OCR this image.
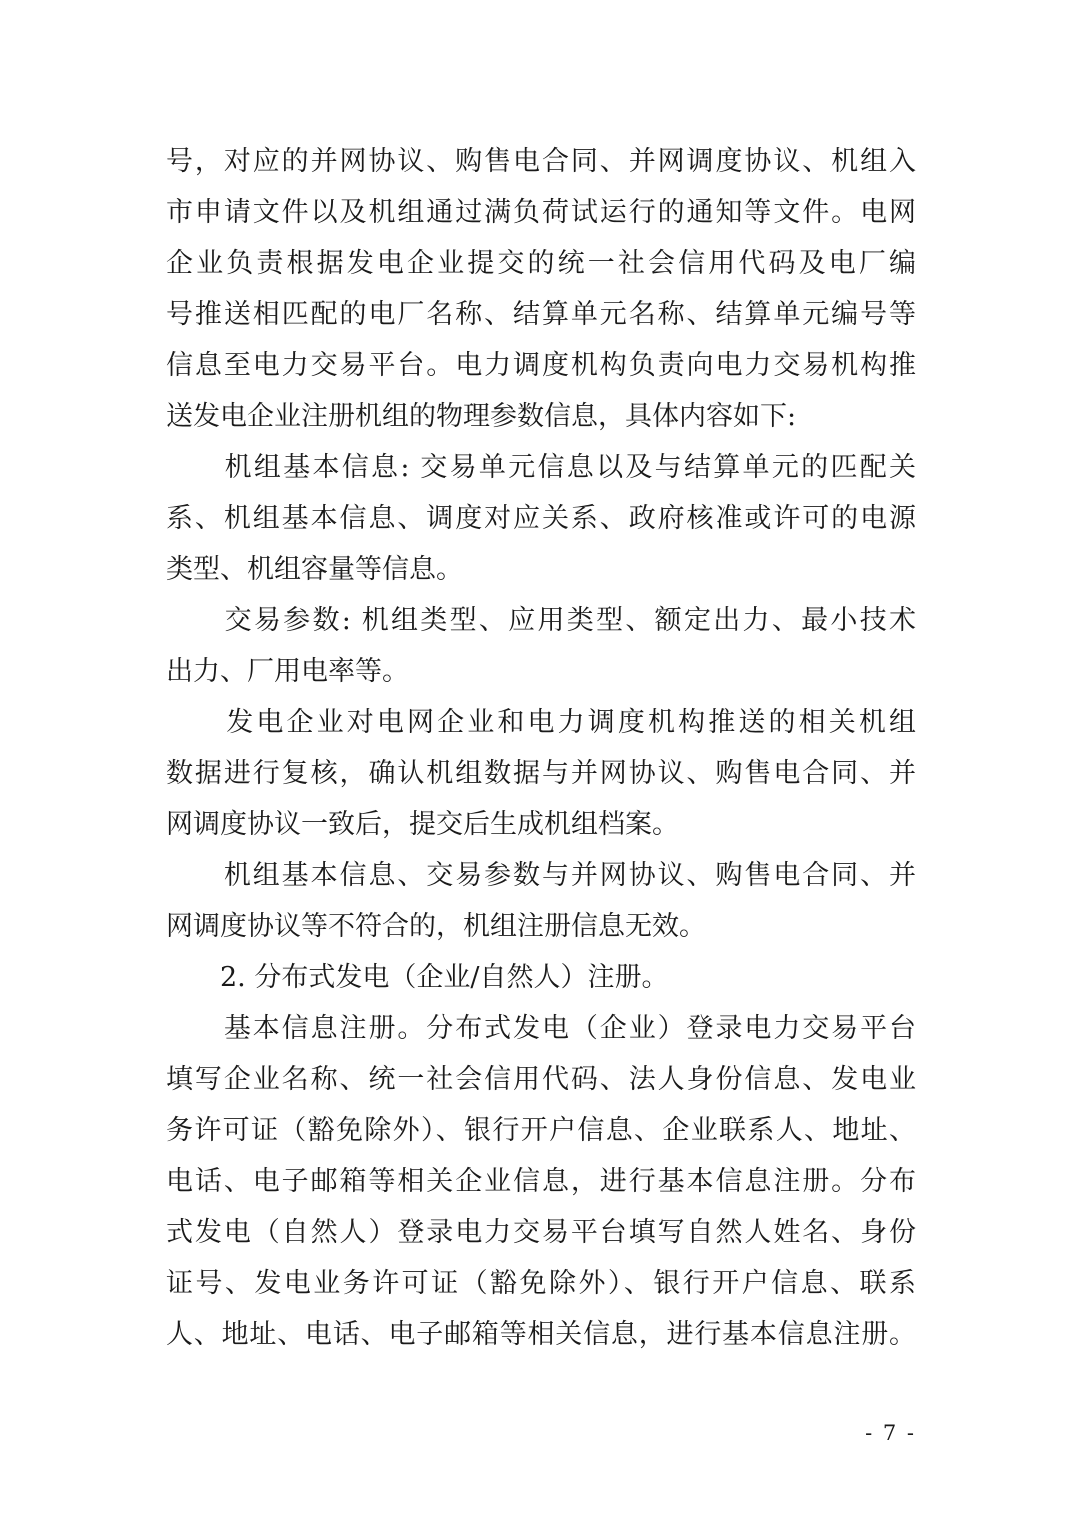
号，对应的并网协议、购售电合同、并网调度协议、机组入
市申请文件以及机组通过满负荷试运行的通知等文件。电网
企业负责根据发电企业提交的统一社会信用代码及电厂编
号推送相匹配的电厂名称、结算单元名称、结算单元编号等
信息至电力交易平台。电力调度机构负责向电力交易机构推
送发电企业注册机组的物理参数信息，具体内容如下:
　　机组基本信息: 交易单元信息以及与结算单元的匹配关
系、机组基本信息、调度对应关系、政府核准或许可的电源
类型、机组容量等信息。
　　交易参数: 机组类型、应用类型、额定出力、最小技术
出力、厂用电率等。
　　发电企业对电网企业和电力调度机构推送的相关机组
数据进行复核，确认机组数据与并网协议、购售电合同、并
网调度协议一致后，提交后生成机组档案。
　　机组基本信息、交易参数与并网协议、购售电合同、并
网调度协议等不符合的，机组注册信息无效。
　　2. 分布式发电（企业/自然人）注册。
　　基本信息注册。分布式发电（企业）登录电力交易平台
填写企业名称、统一社会信用代码、法人身份信息、发电业
务许可证（豁免除外）、银行开户信息、企业联系人、地址、
电话、电子邮箱等相关企业信息，进行基本信息注册。分布
式发电（自然人）登录电力交易平台填写自然人姓名、身份
证号、发电业务许可证（豁免除外）、银行开户信息、联系
人、地址、电话、电子邮箱等相关信息，进行基本信息注册。
- 7 -
